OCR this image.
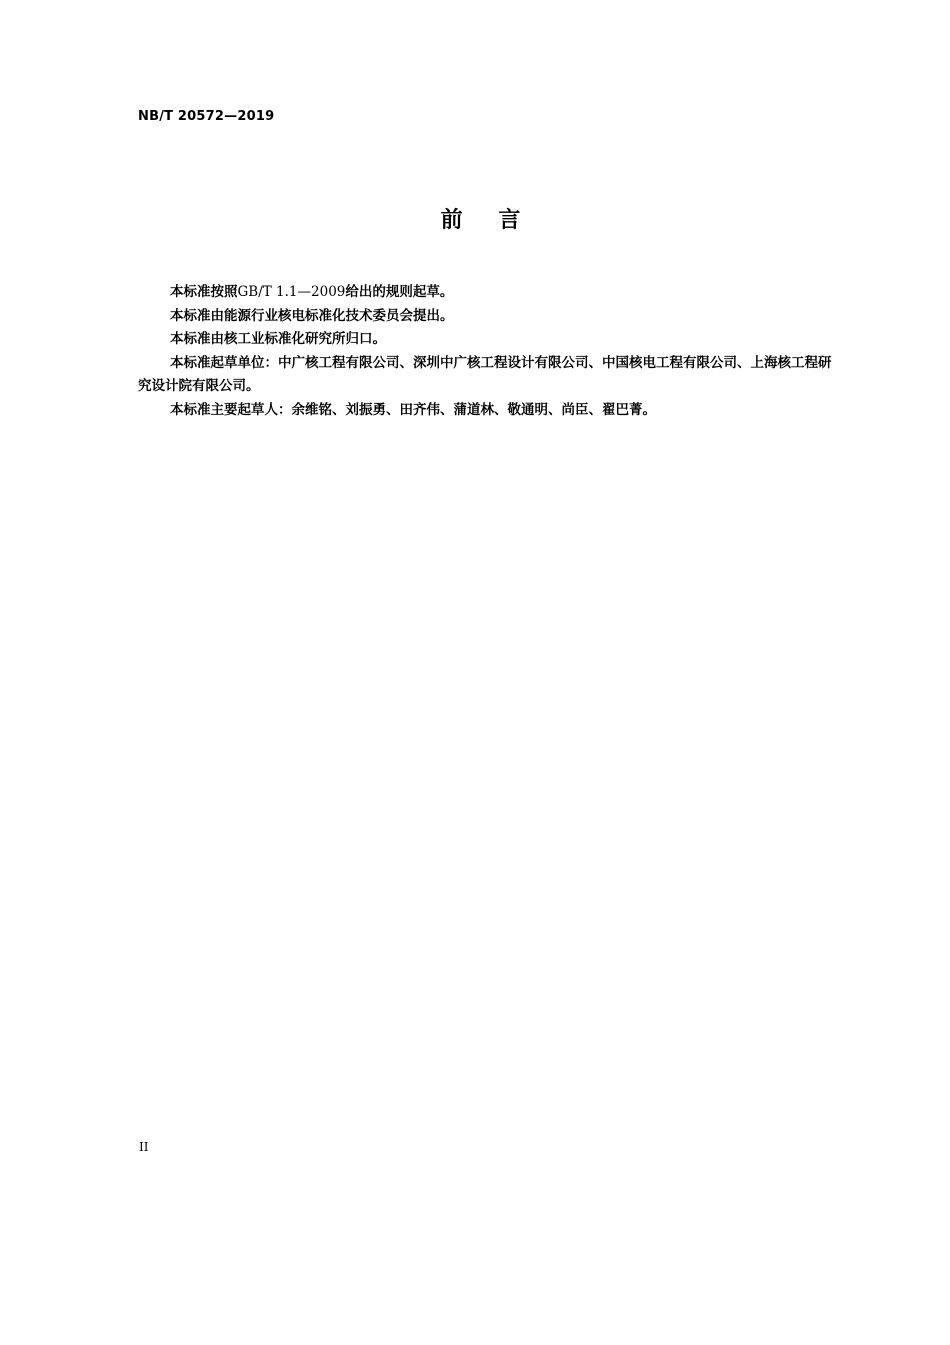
NB/T 20572—2019
前 言

本标准按照GB/T 1.1—2009给出的规则起草。

本标准由能源行业核电标准化技术委员会提出。

本标准由核工业标准化研究所归口。

本标准起草单位：中广核工程有限公司、深圳中广核工程设计有限公司、中国核电工程有限公司、上海核工程研究设计院有限公司。

本标准主要起草人：余维铭、刘振勇、田齐伟、蒲道林、敬通明、尚臣、翟巴菁。

II
